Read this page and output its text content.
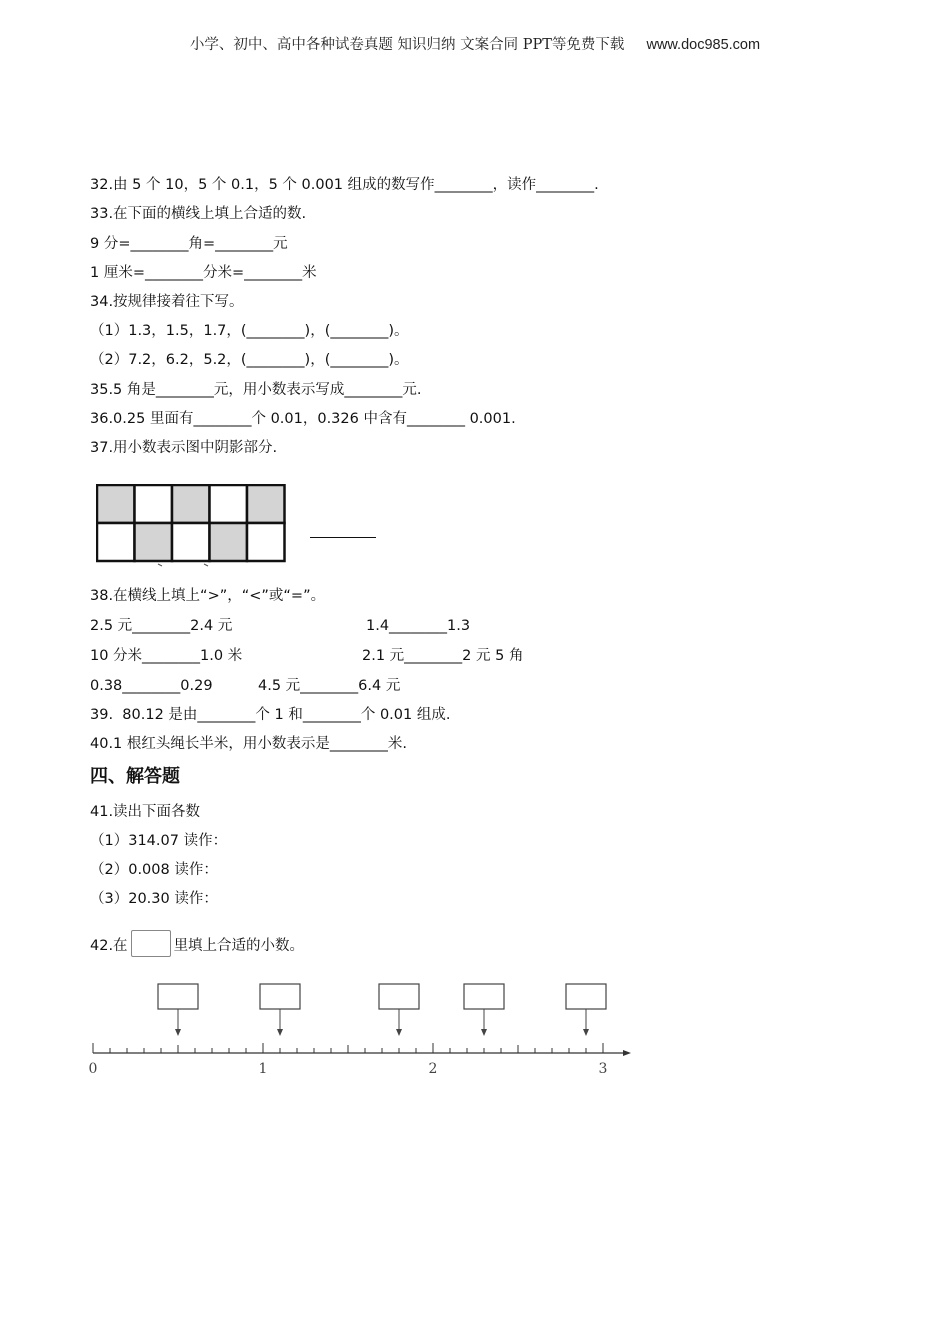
小学、初中、高中各种试卷真题 知识归纳 文案合同 PPT等免费下载 www.doc985.com
32.由 5 个 10，5 个 0.1，5 个 0.001 组成的数写作________，读作________.
33.在下面的横线上填上合适的数.
9 分=________角=________元
1 厘米=________分米=________米
34.按规律接着往下写。
（1）1.3，1.5，1.7，(________)，(________)。
（2）7.2，6.2，5.2，(________)，(________)。
35.5 角是________元，用小数表示写成________元.
36.0.25 里面有________个 0.01，0.326 中含有________ 0.001.
37.用小数表示图中阴影部分.
38.在横线上填上“>”，“<”或“=”。
2.5 元________2.4 元	1.4________1.3
10 分米________1.0 米	2.1 元________2 元 5 角
0.38________0.29	4.5 元________6.4 元
39.  80.12 是由________个 1 和________个 0.01 组成.
40.1 根红头绳长半米，用小数表示是________米.
四、解答题
41.读出下面各数
（1）314.07 读作：
（2）0.008 读作：
（3）20.30 读作：
42.在	里填上合适的小数。
0	1	2	3
